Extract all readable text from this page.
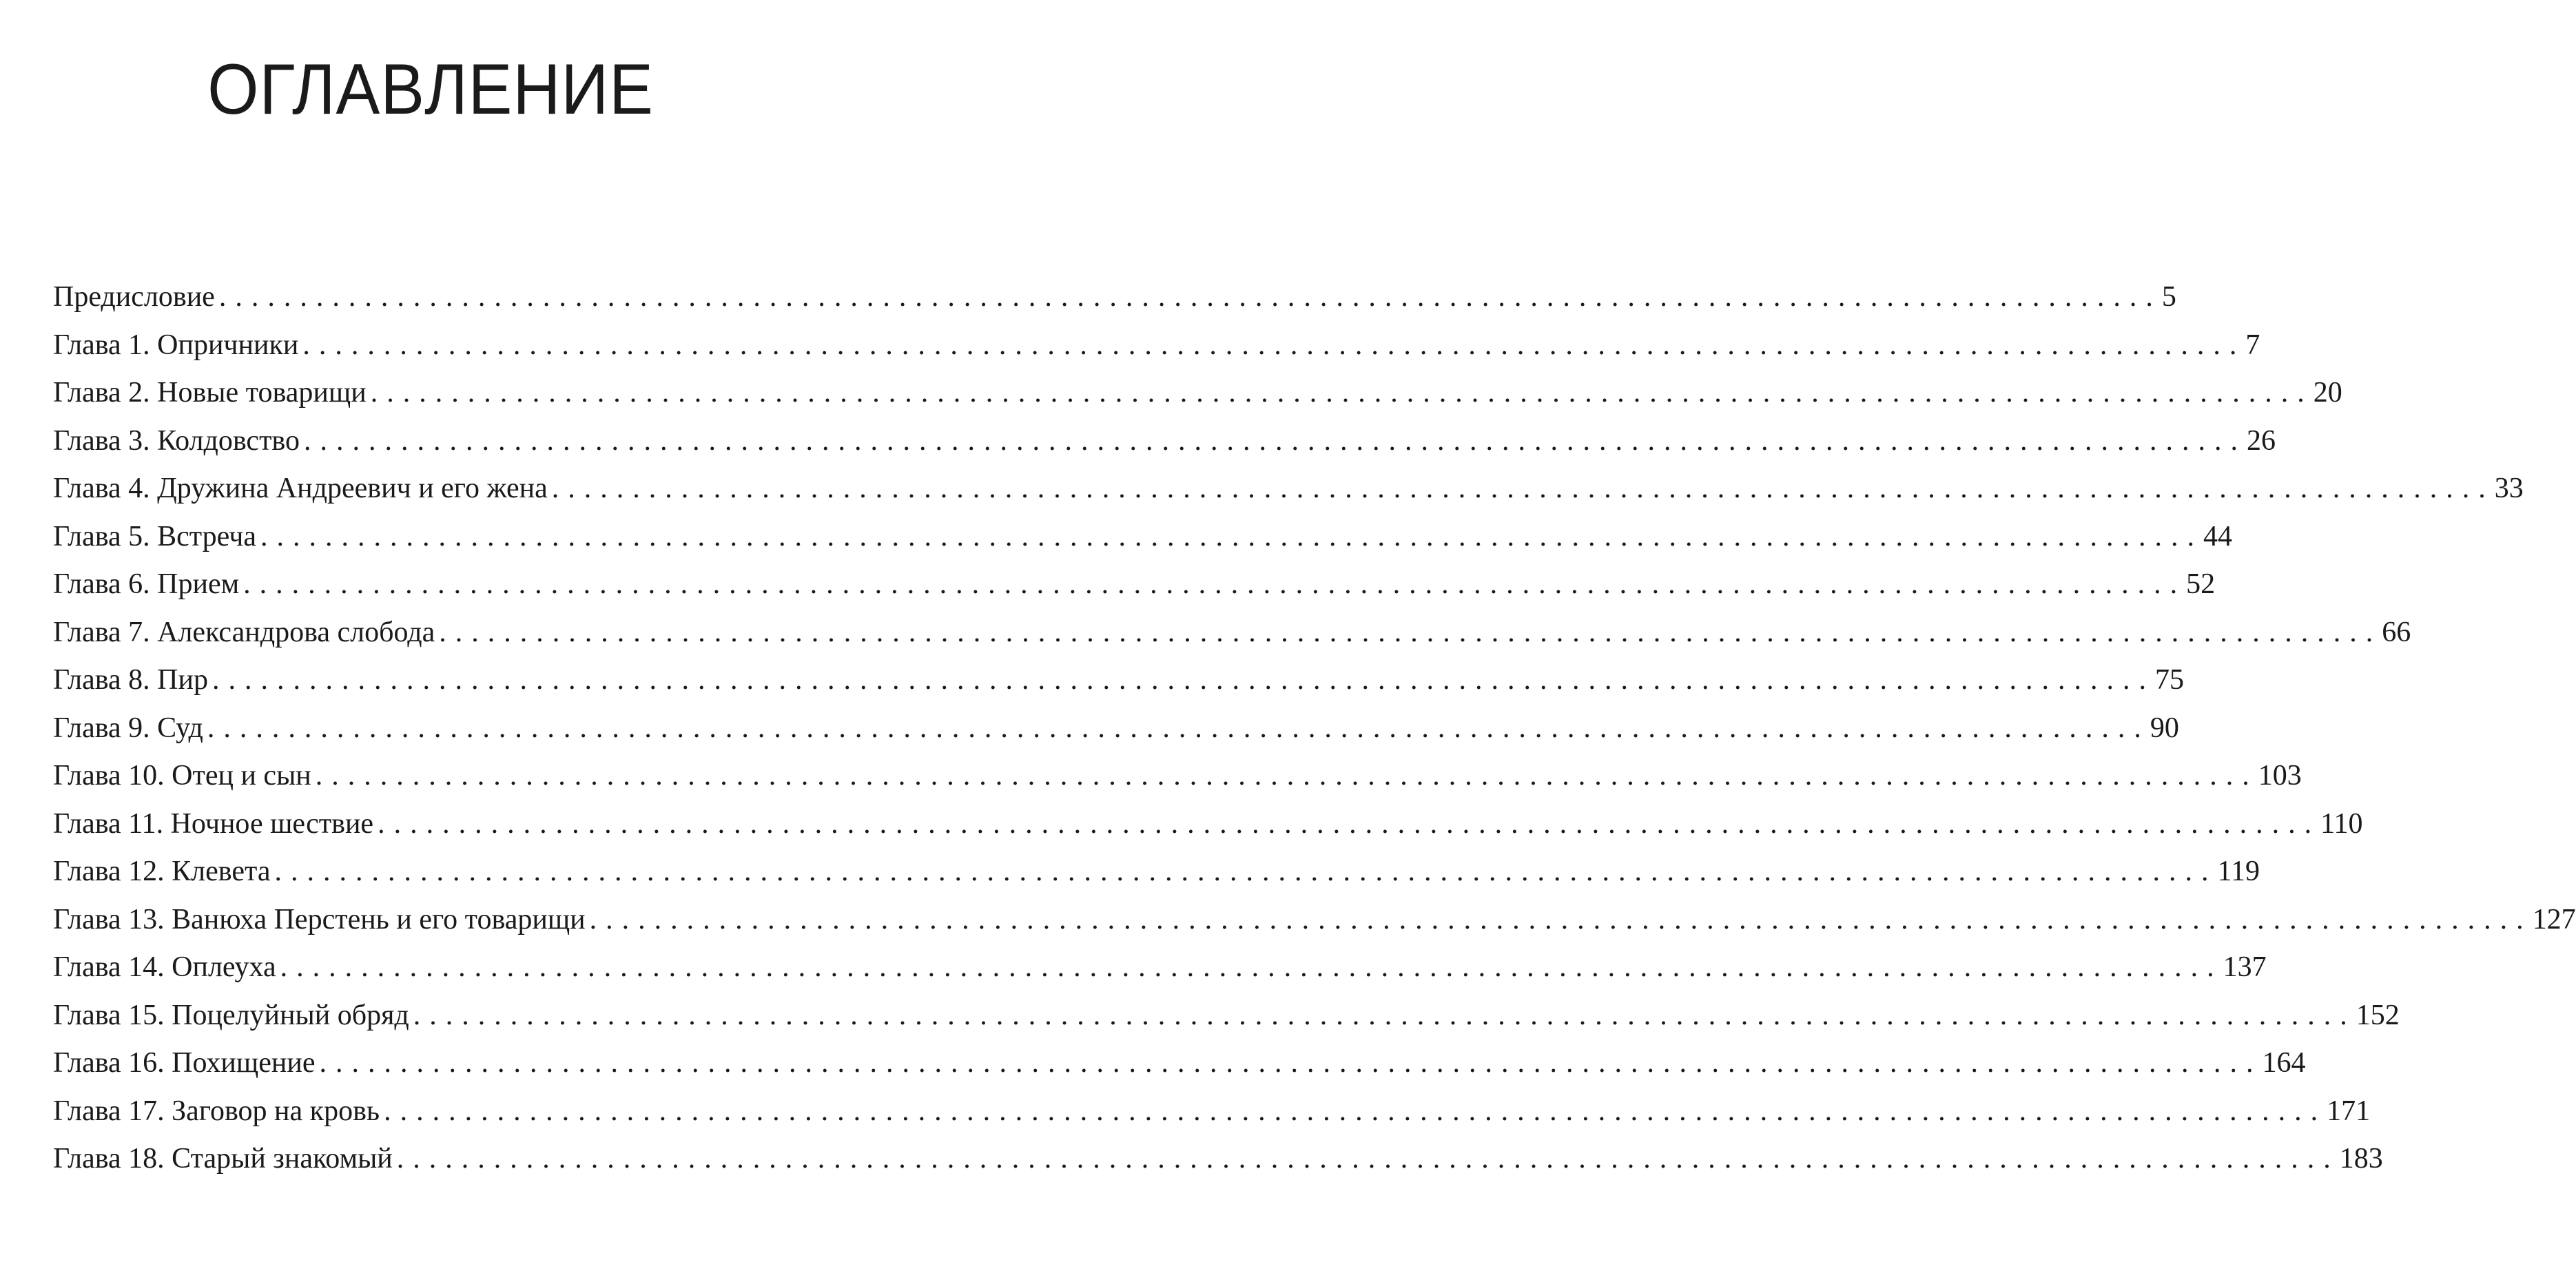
ОГЛАВЛЕНИЕ
Предисловие ........................................................................................................................ 5
Глава 1. Опричники ........................................................................................................................ 7
Глава 2. Новые товарищи ........................................................................................................................ 20
Глава 3. Колдовство ........................................................................................................................ 26
Глава 4. Дружина Андреевич и его жена ........................................................................................................................ 33
Глава 5. Встреча ........................................................................................................................ 44
Глава 6. Прием ........................................................................................................................ 52
Глава 7. Александрова слобода ........................................................................................................................ 66
Глава 8. Пир ........................................................................................................................ 75
Глава 9. Суд ........................................................................................................................ 90
Глава 10. Отец и сын ........................................................................................................................ 103
Глава 11. Ночное шествие ........................................................................................................................ 110
Глава 12. Клевета ........................................................................................................................ 119
Глава 13. Ванюха Перстень и его товарищи ........................................................................................................................ 127
Глава 14. Оплеуха ........................................................................................................................ 137
Глава 15. Поцелуйный обряд ........................................................................................................................ 152
Глава 16. Похищение ........................................................................................................................ 164
Глава 17. Заговор на кровь ........................................................................................................................ 171
Глава 18. Старый знакомый ........................................................................................................................ 183
